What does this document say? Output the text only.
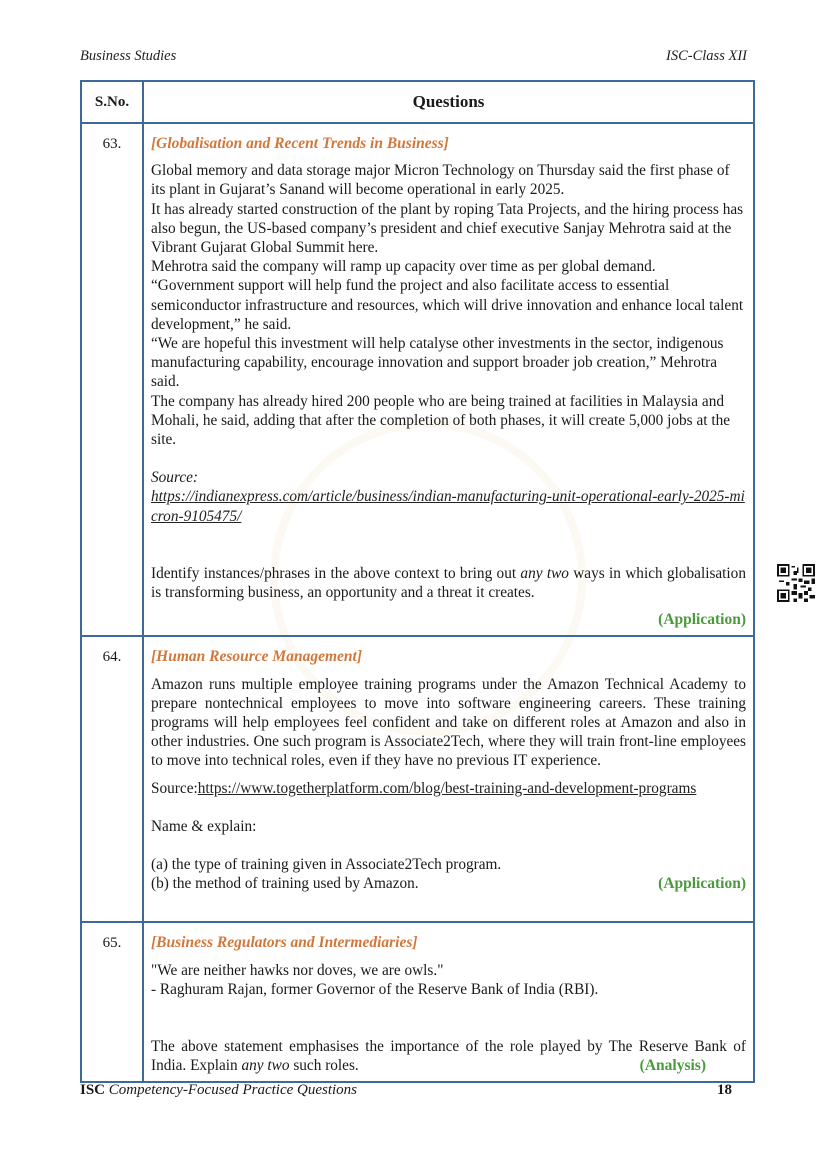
Business Studies	ISC-Class XII
S.No.	Questions
63.	[Globalisation and Recent Trends in Business]

Global memory and data storage major Micron Technology on Thursday said the first phase of its plant in Gujarat’s Sanand will become operational in early 2025.

It has already started construction of the plant by roping Tata Projects, and the hiring process has also begun, the US-based company’s president and chief executive Sanjay Mehrotra said at the Vibrant Gujarat Global Summit here.

Mehrotra said the company will ramp up capacity over time as per global demand.

“Government support will help fund the project and also facilitate access to essential semiconductor infrastructure and resources, which will drive innovation and enhance local talent development,” he said.

“We are hopeful this investment will help catalyse other investments in the sector, indigenous manufacturing capability, encourage innovation and support broader job creation,” Mehrotra said.

The company has already hired 200 people who are being trained at facilities in Malaysia and Mohali, he said, adding that after the completion of both phases, it will create 5,000 jobs at the site.

Source:
https://indianexpress.com/article/business/indian-manufacturing-unit-operational-early-2025-micron-9105475/

Identify instances/phrases in the above context to bring out any two ways in which globalisation is transforming business, an opportunity and a threat it creates.

(Application)

64.	[Human Resource Management]

Amazon runs multiple employee training programs under the Amazon Technical Academy to prepare nontechnical employees to move into software engineering careers. These training programs will help employees feel confident and take on different roles at Amazon and also in other industries. One such program is Associate2Tech, where they will train front-line employees to move into technical roles, even if they have no previous IT experience.

Source:https://www.togetherplatform.com/blog/best-training-and-development-programs
Name & explain:
(a) the type of training given in Associate2Tech program.
(b) the method of training used by Amazon.	(Application)

65.	[Business Regulators and Intermediaries]
"We are neither hawks nor doves, we are owls."
- Raghuram Rajan, former Governor of the Reserve Bank of India (RBI).

The above statement emphasises the importance of the role played by The Reserve Bank of India. Explain any two such roles. (Analysis)

ISC Competency-Focused Practice Questions	18
